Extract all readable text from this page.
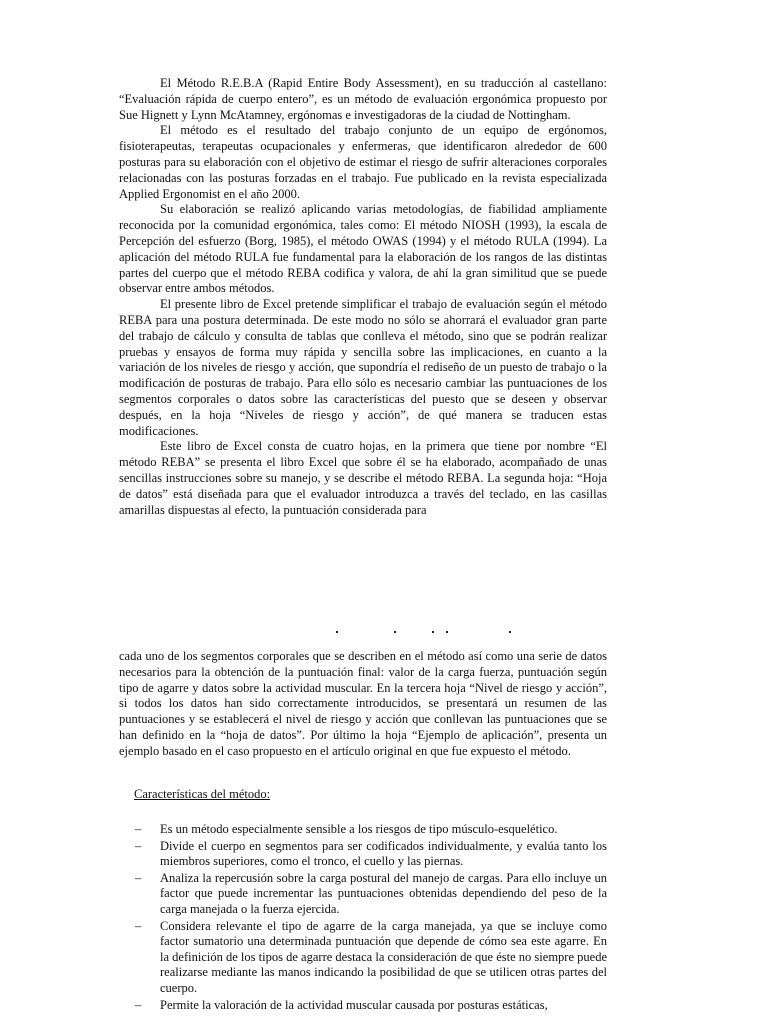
El Método R.E.B.A (Rapid Entire Body Assessment), en su traducción al castellano: “Evaluación rápida de cuerpo entero”, es un método de evaluación ergonómica propuesto por Sue Hignett y Lynn McAtamney, ergónomas e investigadoras de la ciudad de Nottingham.

El método es el resultado del trabajo conjunto de un equipo de ergónomos, fisioterapeutas, terapeutas ocupacionales y enfermeras, que identificaron alrededor de 600 posturas para su elaboración con el objetivo de estimar el riesgo de sufrir alteraciones corporales relacionadas con las posturas forzadas en el trabajo. Fue publicado en la revista especializada Applied Ergonomist en el año 2000.

Su elaboración se realizó aplicando varias metodologías, de fiabilidad ampliamente reconocida por la comunidad ergonómica, tales como: El método NIOSH (1993), la escala de Percepción del esfuerzo (Borg, 1985), el método OWAS (1994) y el método RULA (1994). La aplicación del método RULA fue fundamental para la elaboración de los rangos de las distintas partes del cuerpo que el método REBA codifica y valora, de ahí la gran similitud que se puede observar entre ambos métodos.

El presente libro de Excel pretende simplificar el trabajo de evaluación según el método REBA para una postura determinada. De este modo no sólo se ahorrará el evaluador gran parte del trabajo de cálculo y consulta de tablas que conlleva el método, sino que se podrán realizar pruebas y ensayos de forma muy rápida y sencilla sobre las implicaciones, en cuanto a la variación de los niveles de riesgo y acción, que supondría el rediseño de un puesto de trabajo o la modificación de posturas de trabajo. Para ello sólo es necesario cambiar las puntuaciones de los segmentos corporales o datos sobre las características del puesto que se deseen y observar después, en la hoja “Niveles de riesgo y acción”, de qué manera se traducen estas modificaciones.

Este libro de Excel consta de cuatro hojas, en la primera que tiene por nombre “El método REBA” se presenta el libro Excel que sobre él se ha elaborado, acompañado de unas sencillas instrucciones sobre su manejo, y se describe el método REBA. La segunda hoja: “Hoja de datos” está diseñada para que el evaluador introduzca a través del teclado, en las casillas amarillas dispuestas al efecto, la puntuación considerada para

cada uno de los segmentos corporales que se describen en el método así como una serie de datos necesarios para la obtención de la puntuación final: valor de la carga fuerza, puntuación según tipo de agarre y datos sobre la actividad muscular. En la tercera hoja “Nivel de riesgo y acción”, si todos los datos han sido correctamente introducidos, se presentará un resumen de las puntuaciones y se establecerá el nivel de riesgo y acción que conllevan las puntuaciones que se han definido en la “hoja de datos”. Por último la hoja “Ejemplo de aplicación”, presenta un ejemplo basado en el caso propuesto en el artículo original en que fue expuesto el método.

Características del método:
– Es un método especialmente sensible a los riesgos de tipo músculo-esquelético.
– Divide el cuerpo en segmentos para ser codificados individualmente, y evalúa tanto los miembros superiores, como el tronco, el cuello y las piernas.
– Analiza la repercusión sobre la carga postural del manejo de cargas. Para ello incluye un factor que puede incrementar las puntuaciones obtenidas dependiendo del peso de la carga manejada o la fuerza ejercida.
– Considera relevante el tipo de agarre de la carga manejada, ya que se incluye como factor sumatorio una determinada puntuación que depende de cómo sea este agarre. En la definición de los tipos de agarre destaca la consideración de que éste no siempre puede realizarse mediante las manos indicando la posibilidad de que se utilicen otras partes del cuerpo.
– Permite la valoración de la actividad muscular causada por posturas estáticas,
